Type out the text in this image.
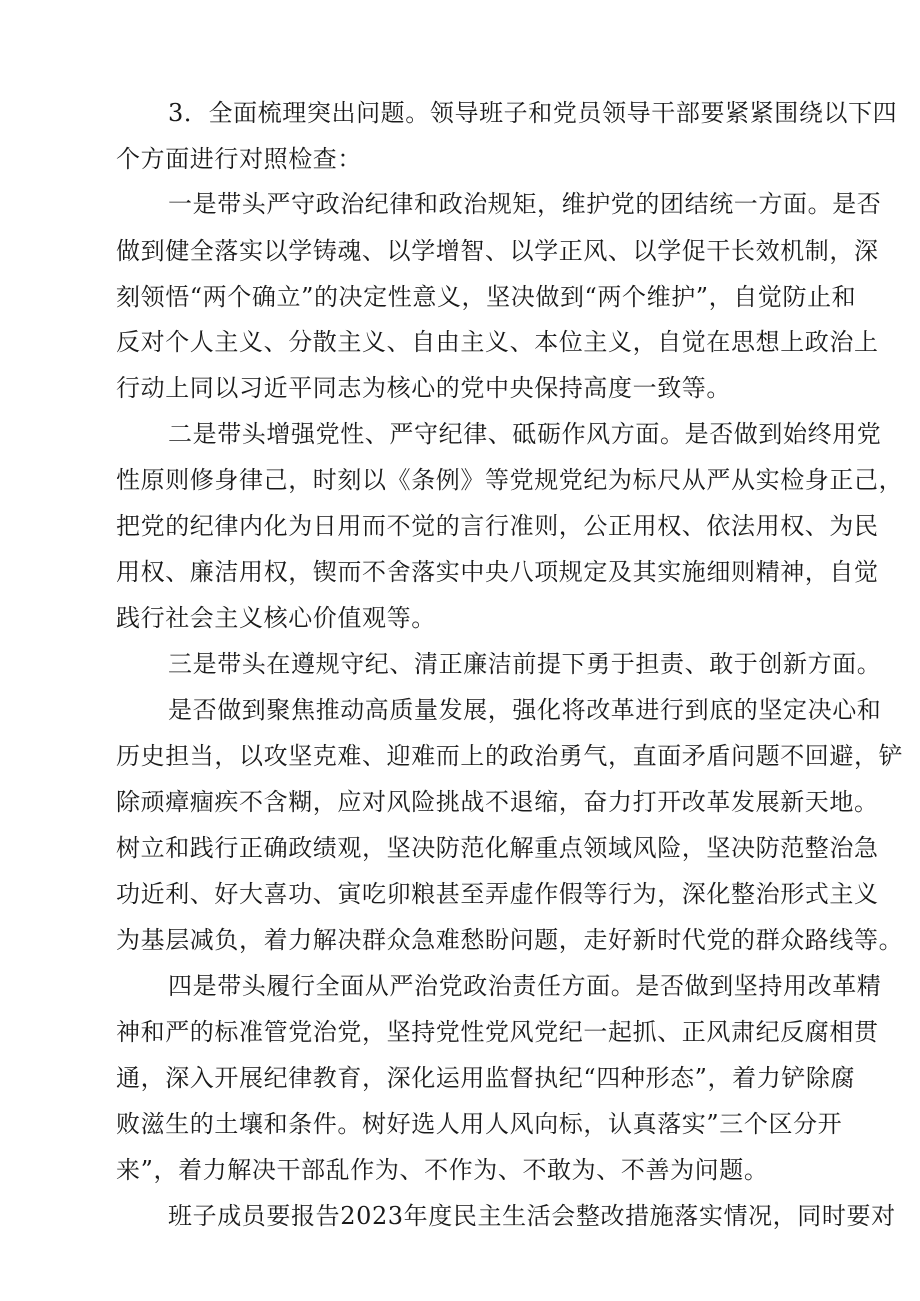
3．全面梳理突出问题。领导班子和党员领导干部要紧紧围绕以下四

个方面进行对照检查：

一是带头严守政治纪律和政治规矩，维护党的团结统一方面。是否

做到健全落实以学铸魂、以学增智、以学正风、以学促干长效机制，深

刻领悟“两个确立”的决定性意义，坚决做到“两个维护”，自觉防止和

反对个人主义、分散主义、自由主义、本位主义，自觉在思想上政治上

行动上同以习近平同志为核心的党中央保持高度一致等。

二是带头增强党性、严守纪律、砥砺作风方面。是否做到始终用党

性原则修身律己，时刻以《条例》等党规党纪为标尺从严从实检身正己，

把党的纪律内化为日用而不觉的言行准则，公正用权、依法用权、为民

用权、廉洁用权，锲而不舍落实中央八项规定及其实施细则精神，自觉

践行社会主义核心价值观等。

三是带头在遵规守纪、清正廉洁前提下勇于担责、敢于创新方面。

是否做到聚焦推动高质量发展，强化将改革进行到底的坚定决心和

历史担当，以攻坚克难、迎难而上的政治勇气，直面矛盾问题不回避，铲

除顽瘴痼疾不含糊，应对风险挑战不退缩，奋力打开改革发展新天地。

树立和践行正确政绩观，坚决防范化解重点领域风险，坚决防范整治急

功近利、好大喜功、寅吃卯粮甚至弄虚作假等行为，深化整治形式主义

为基层减负，着力解决群众急难愁盼问题，走好新时代党的群众路线等。

四是带头履行全面从严治党政治责任方面。是否做到坚持用改革精

神和严的标准管党治党，坚持党性党风党纪一起抓、正风肃纪反腐相贯

通，深入开展纪律教育，深化运用监督执纪“四种形态”，着力铲除腐

败滋生的土壤和条件。树好选人用人风向标，认真落实”三个区分开

来”，着力解决干部乱作为、不作为、不敢为、不善为问题。

班子成员要报告2023年度民主生活会整改措施落实情况，同时要对
